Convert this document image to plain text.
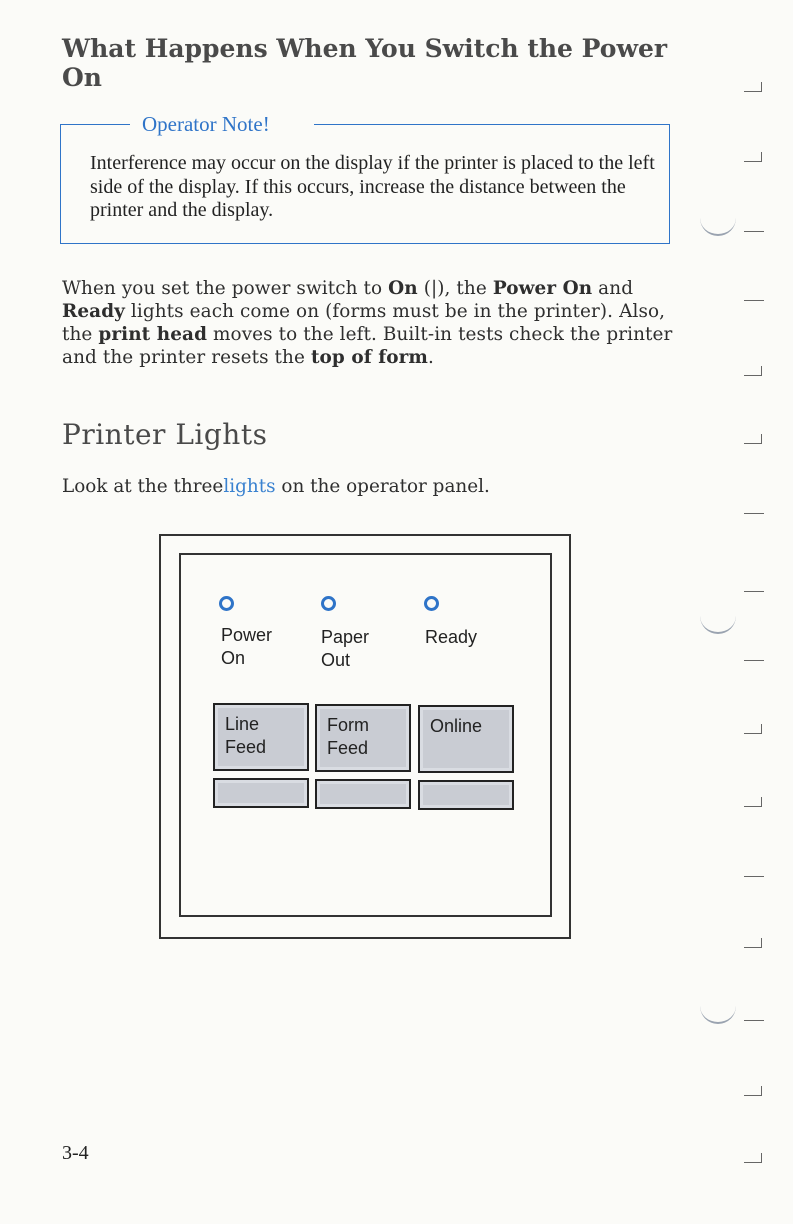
What Happens When You Switch the Power On
Operator Note!

Interference may occur on the display if the printer is placed to the left side of the display. If this occurs, increase the distance between the printer and the display.

When you set the power switch to On (|), the Power On and Ready lights each come on (forms must be in the printer). Also, the print head moves to the left. Built-in tests check the printer and the printer resets the top of form.

Printer Lights

Look at the threelights on the operator panel.

Power
On
Paper
Out
Ready
Line
Feed
Form
Feed
Online
3-4
